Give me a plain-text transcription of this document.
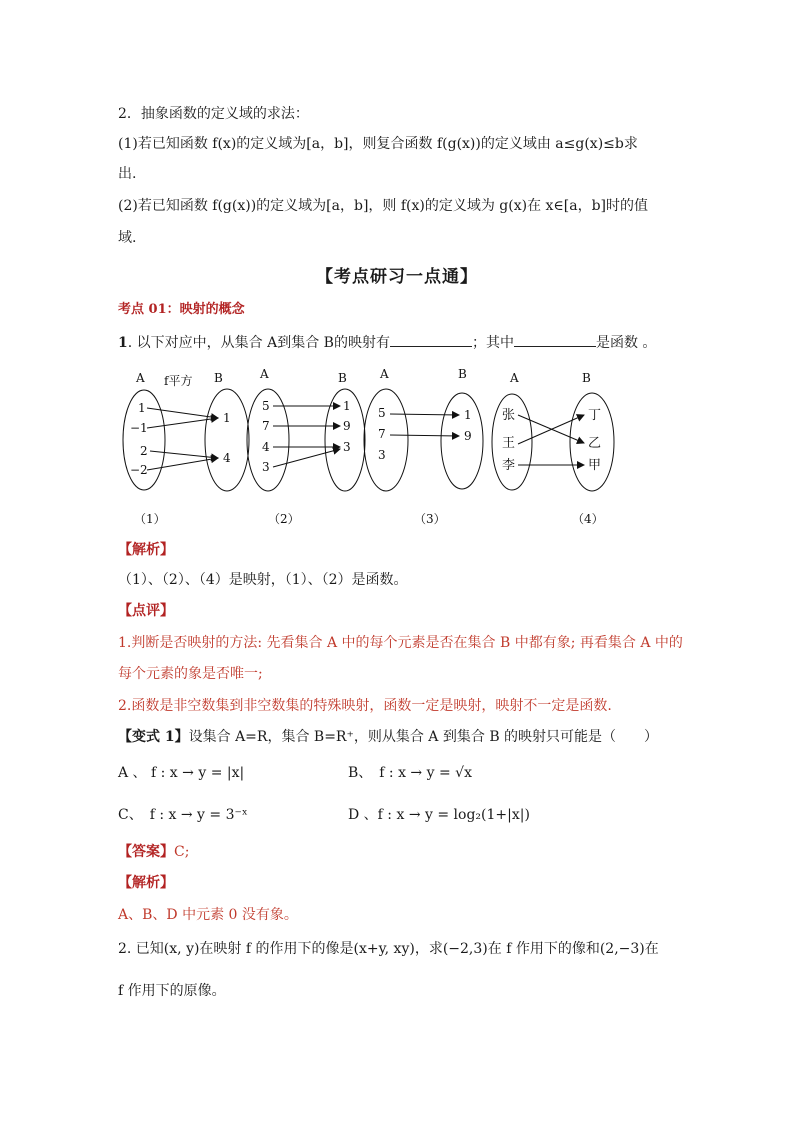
2．抽象函数的定义域的求法：
(1)若已知函数 f(x)的定义域为[a，b]，则复合函数 f(g(x))的定义域由 a≤g(x)≤b求
出.
(2)若已知函数 f(g(x))的定义域为[a，b]，则 f(x)的定义域为 g(x)在 x∈[a，b]时的值
域.
【考点研习一点通】
考点 01：映射的概念
1. 以下对应中，从集合 A到集合 B的映射有	；其中	是函数 。
A f平方 B
1
−1
2
−2
1
4
（1）
A	B
5
7
4
3
1
9
3
（2）
A	B
5
7
3
1
9
（3）
A	B
张
王
李
丁
乙
甲
（4）
【解析】
（1）、（2）、（4）是映射，（1）、（2）是函数。
【点评】
1.判断是否映射的方法: 先看集合 A 中的每个元素是否在集合 B 中都有象; 再看集合 A 中的
每个元素的象是否唯一;
2.函数是非空数集到非空数集的特殊映射，函数一定是映射，映射不一定是函数.
【变式 1】设集合 A=R，集合 B=R⁺，则从集合 A 到集合 B 的映射只可能是（　　）
A 、 f : x → y = |x|	B、　f : x → y = √x
C、　f : x → y = 3⁻ˣ	D 、f : x → y = log₂(1+|x|)
【答案】C;
【解析】
A、B、D 中元素 0 没有象。
2. 已知(x, y)在映射 f 的作用下的像是(x+y, xy)，求(−2,3)在 f 作用下的像和(2,−3)在
f 作用下的原像。
